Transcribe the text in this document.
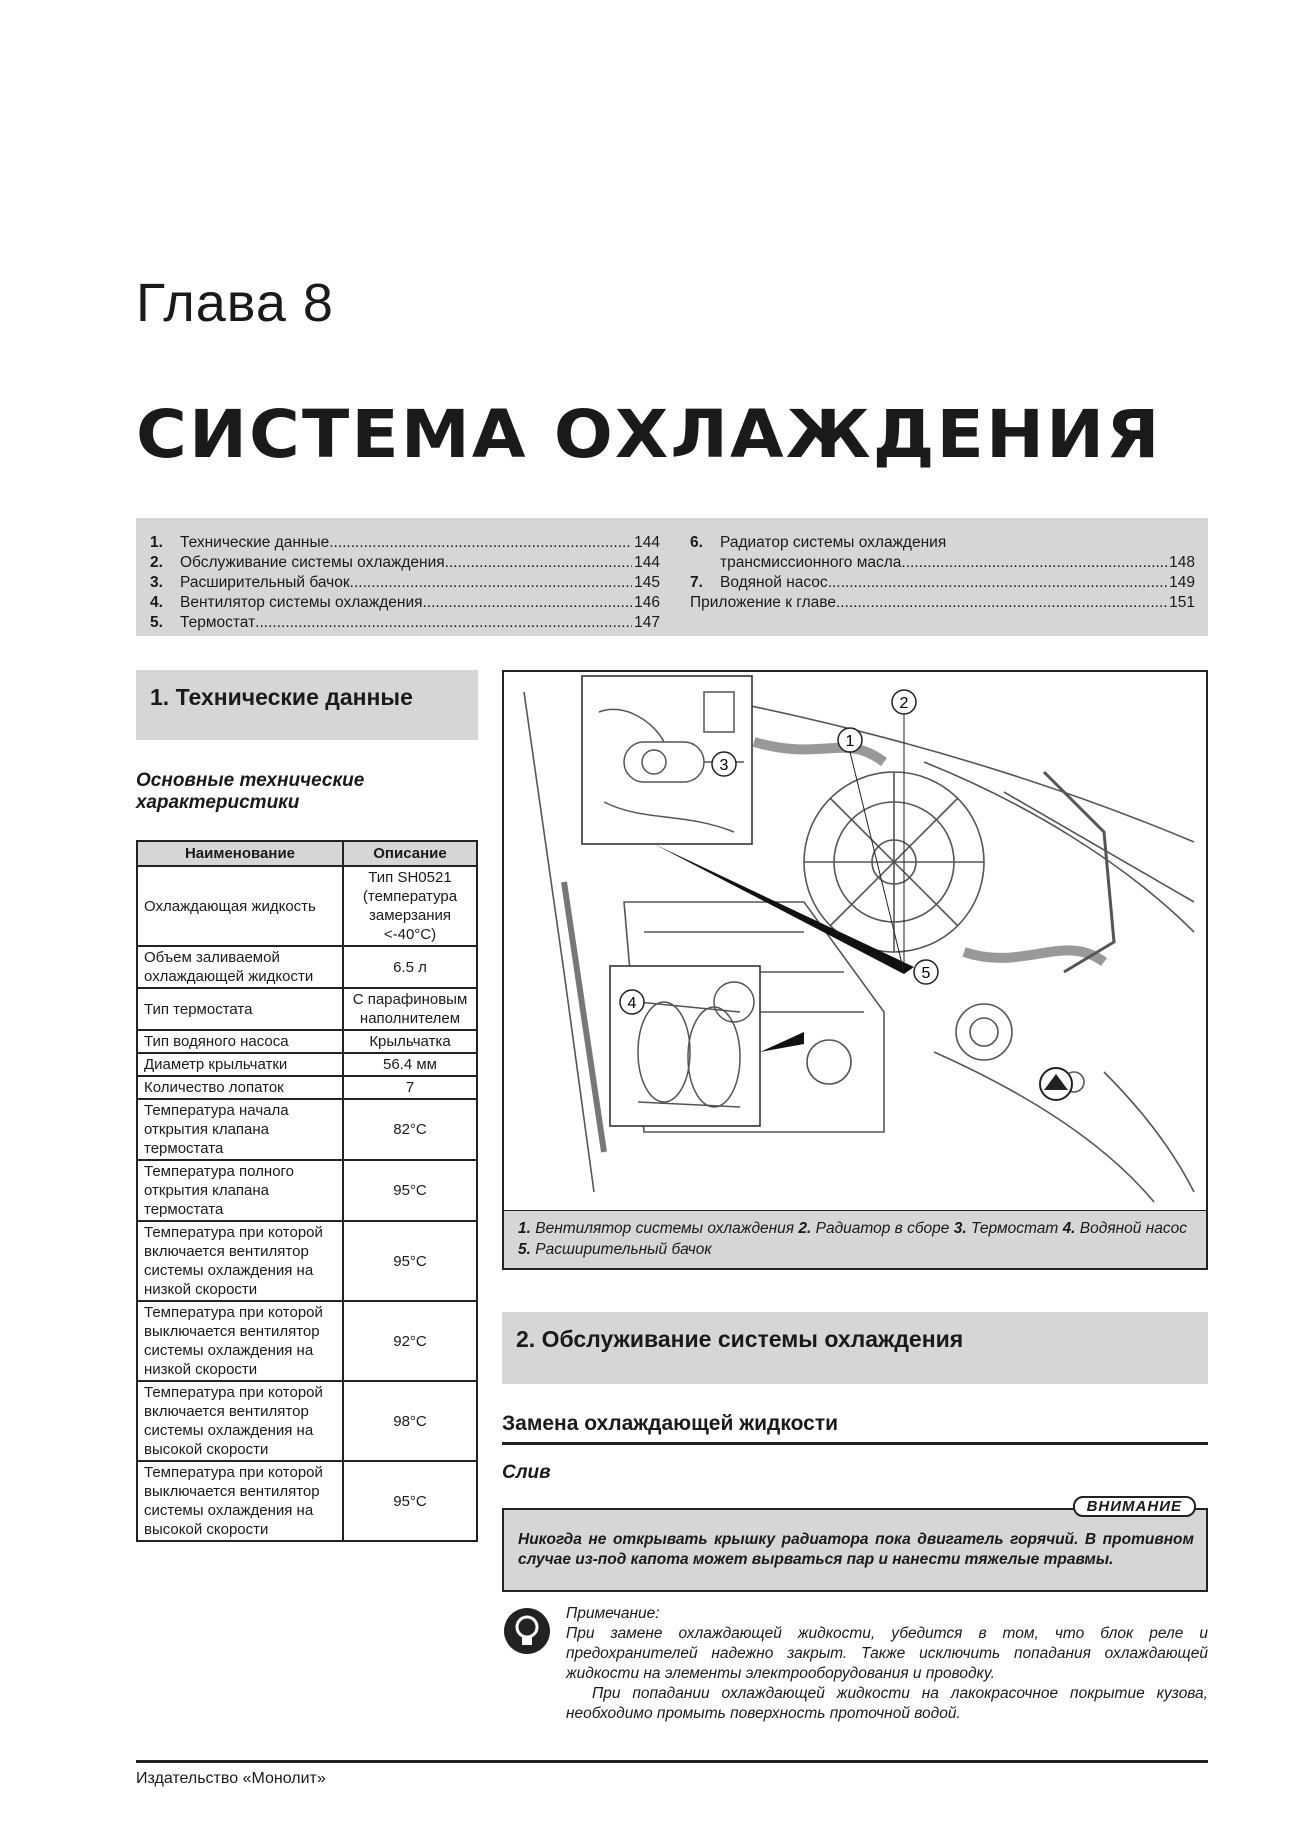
Глава 8
СИСТЕМА ОХЛАЖДЕНИЯ
1.	Технические данные .....	144
2.	Обслуживание системы охлаждения .....	144
3.	Расширительный бачок .....	145
4.	Вентилятор системы охлаждения .....	146
5.	Термостат .....	147
6.	Радиатор системы охлаждения
трансмиссионного масла .....	148
7.	Водяной насос .....	149
Приложение к главе .....	151
1. Технические данные
Основные технические характеристики
Наименование	Описание
Охлаждающая жидкость	Тип SH0521 (температура замерзания <-40°C)
Объем заливаемой охлаждающей жидкости	6.5 л
Тип термостата	С парафиновым наполнителем
Тип водяного насоса	Крыльчатка
Диаметр крыльчатки	56.4 мм
Количество лопаток	7
Температура начала открытия клапана термостата	82°C
Температура полного открытия клапана термостата	95°C
Температура при которой включается вентилятор системы охлаждения на низкой скорости	95°C
Температура при которой выключается вентилятор системы охлаждения на низкой скорости	92°C
Температура при которой включается вентилятор системы охлаждения на высокой скорости	98°C
Температура при которой выключается вентилятор системы охлаждения на высокой скорости	95°C
1
2
3
4
5
1. Вентилятор системы охлаждения 2. Радиатор в сборе 3. Термостат 4. Водяной насос 5. Расширительный бачок
2. Обслуживание системы охлаждения
Замена охлаждающей жидкости
Слив
ВНИМАНИЕ
Никогда не открывать крышку радиатора пока двигатель горячий. В противном случае из-под капота может вырваться пар и нанести тяжелые травмы.

Примечание:

При замене охлаждающей жидкости, убедится в том, что блок реле и предохранителей надежно закрыт. Также исключить попадания охлаждающей жидкости на элементы электрооборудования и проводку.

При попадании охлаждающей жидкости на лакокрасочное покрытие кузова, необходимо промыть поверхность проточной водой.

Издательство «Монолит»
